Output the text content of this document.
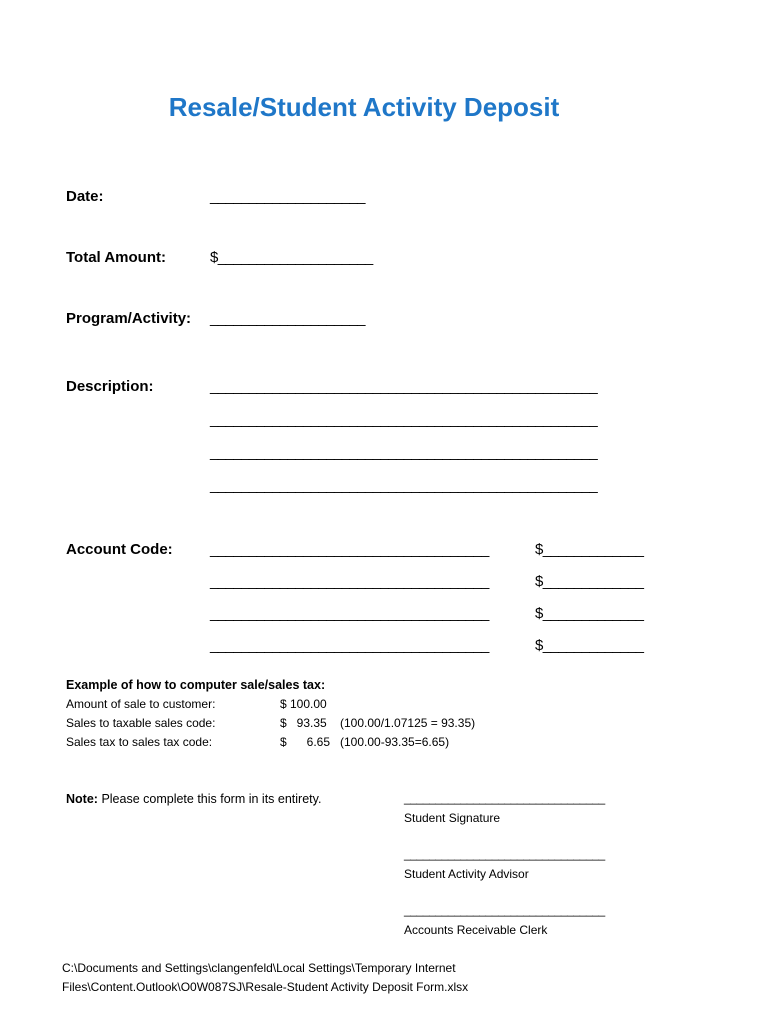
Resale/Student Activity Deposit
Date:	____________________
Total Amount:	$____________________
Program/Activity: ____________________
Description:	__________________________________________________
__________________________________________________
__________________________________________________
__________________________________________________
Account Code: ____________________________________	$_____________
____________________________________	$_____________
____________________________________	$_____________
____________________________________	$_____________
Example of how to computer sale/sales tax:
Amount of sale to customer:	$ 100.00
Sales to taxable sales code:	$   93.35 (100.00/1.07125 = 93.35)
Sales tax to sales tax code:	$      6.65 (100.00-93.35=6.65)
Note: Please complete this form in its entirety.	________________________________
Student Signature
________________________________
Student Activity Advisor
________________________________
Accounts Receivable Clerk
C:\Documents and Settings\clangenfeld\Local Settings\Temporary Internet
Files\Content.Outlook\O0W087SJ\Resale-Student Activity Deposit Form.xlsx
